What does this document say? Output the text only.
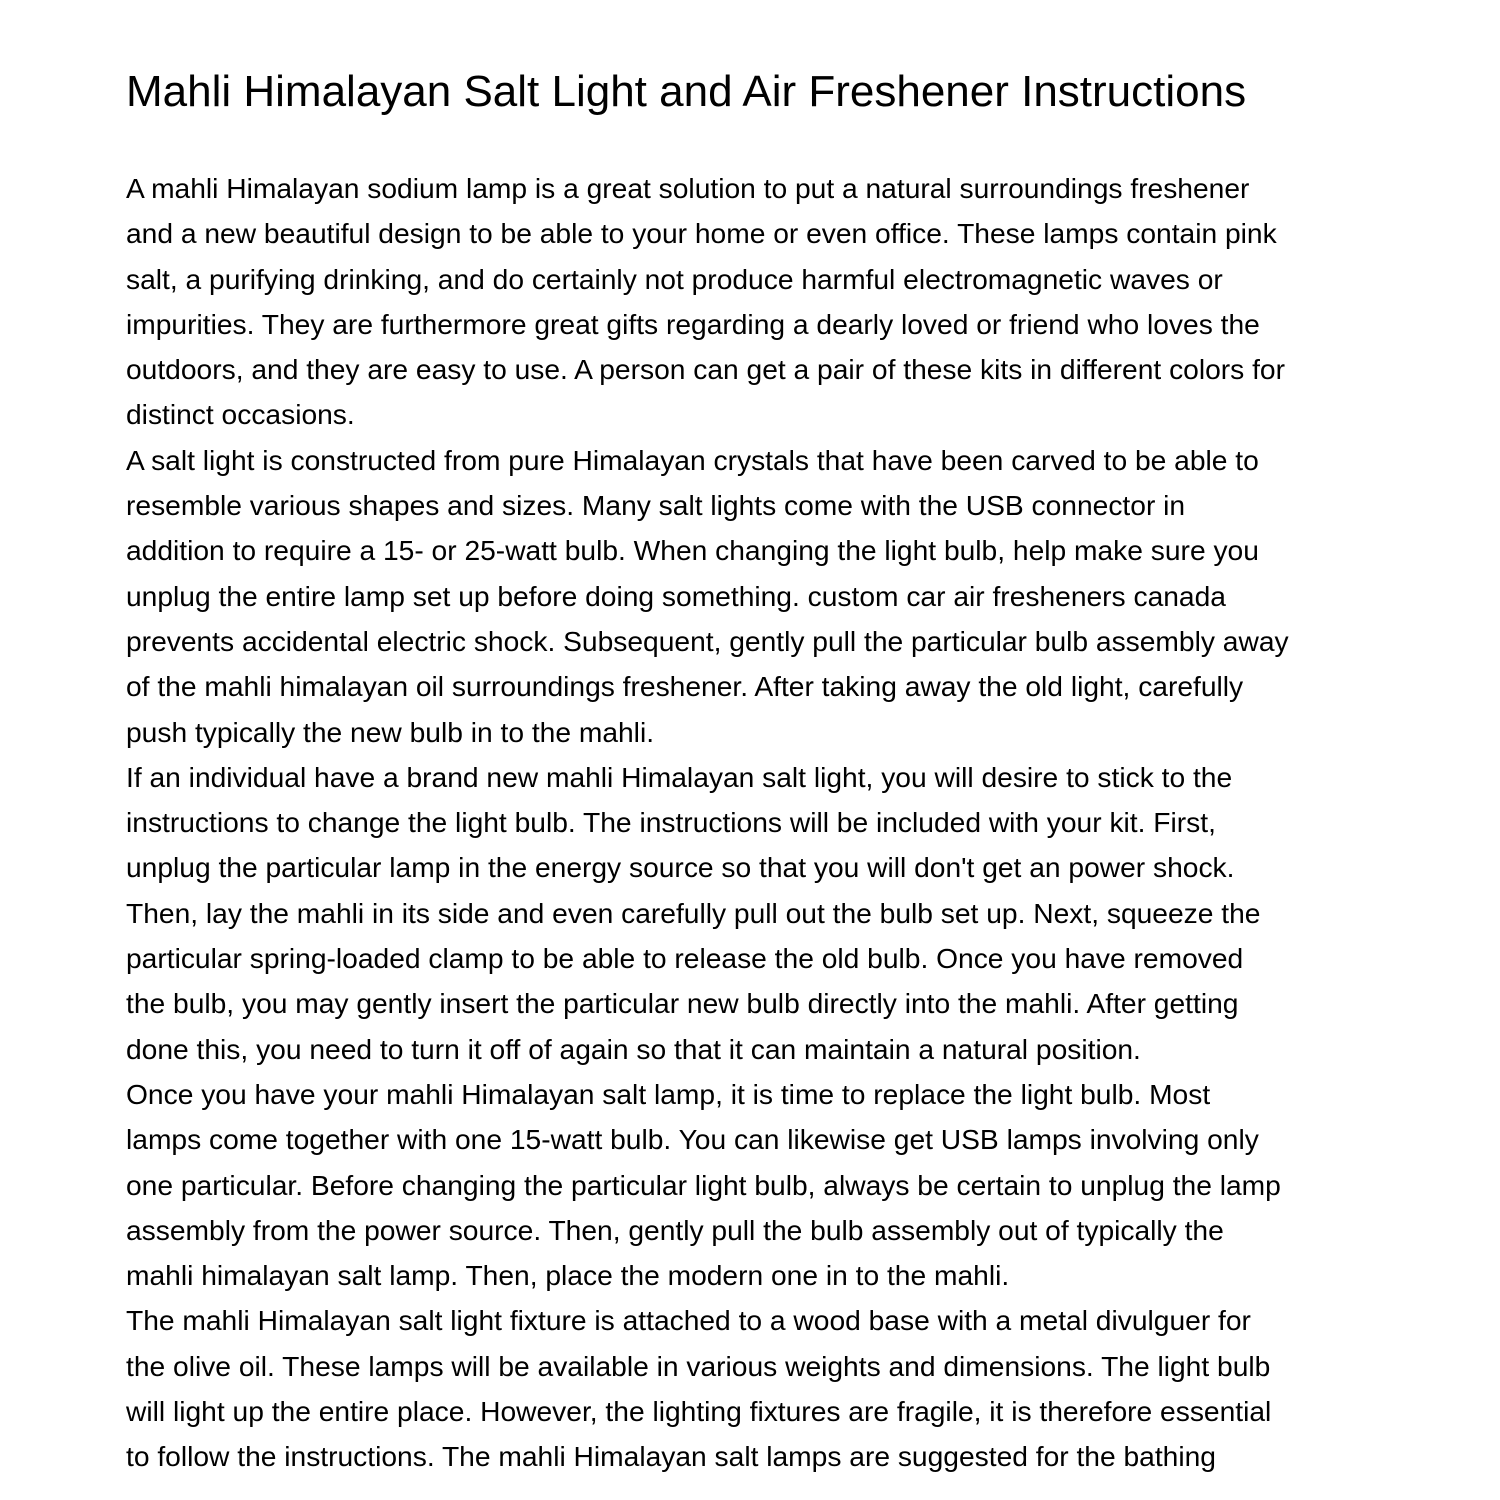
Mahli Himalayan Salt Light and Air Freshener Instructions

A mahli Himalayan sodium lamp is a great solution to put a natural surroundings freshener
and a new beautiful design to be able to your home or even office. These lamps contain pink
salt, a purifying drinking, and do certainly not produce harmful electromagnetic waves or
impurities. They are furthermore great gifts regarding a dearly loved or friend who loves the
outdoors, and they are easy to use. A person can get a pair of these kits in different colors for
distinct occasions.

A salt light is constructed from pure Himalayan crystals that have been carved to be able to
resemble various shapes and sizes. Many salt lights come with the USB connector in
addition to require a 15- or 25-watt bulb. When changing the light bulb, help make sure you
unplug the entire lamp set up before doing something. custom car air fresheners canada
prevents accidental electric shock. Subsequent, gently pull the particular bulb assembly away
of the mahli himalayan oil surroundings freshener. After taking away the old light, carefully
push typically the new bulb in to the mahli.

If an individual have a brand new mahli Himalayan salt light, you will desire to stick to the
instructions to change the light bulb. The instructions will be included with your kit. First,
unplug the particular lamp in the energy source so that you will don't get an power shock.
Then, lay the mahli in its side and even carefully pull out the bulb set up. Next, squeeze the
particular spring-loaded clamp to be able to release the old bulb. Once you have removed
the bulb, you may gently insert the particular new bulb directly into the mahli. After getting
done this, you need to turn it off of again so that it can maintain a natural position.

Once you have your mahli Himalayan salt lamp, it is time to replace the light bulb. Most
lamps come together with one 15-watt bulb. You can likewise get USB lamps involving only
one particular. Before changing the particular light bulb, always be certain to unplug the lamp
assembly from the power source. Then, gently pull the bulb assembly out of typically the
mahli himalayan salt lamp. Then, place the modern one in to the mahli.

The mahli Himalayan salt light fixture is attached to a wood base with a metal divulguer for
the olive oil. These lamps will be available in various weights and dimensions. The light bulb
will light up the entire place. However, the lighting fixtures are fragile, it is therefore essential
to follow the instructions. The mahli Himalayan salt lamps are suggested for the bathing
